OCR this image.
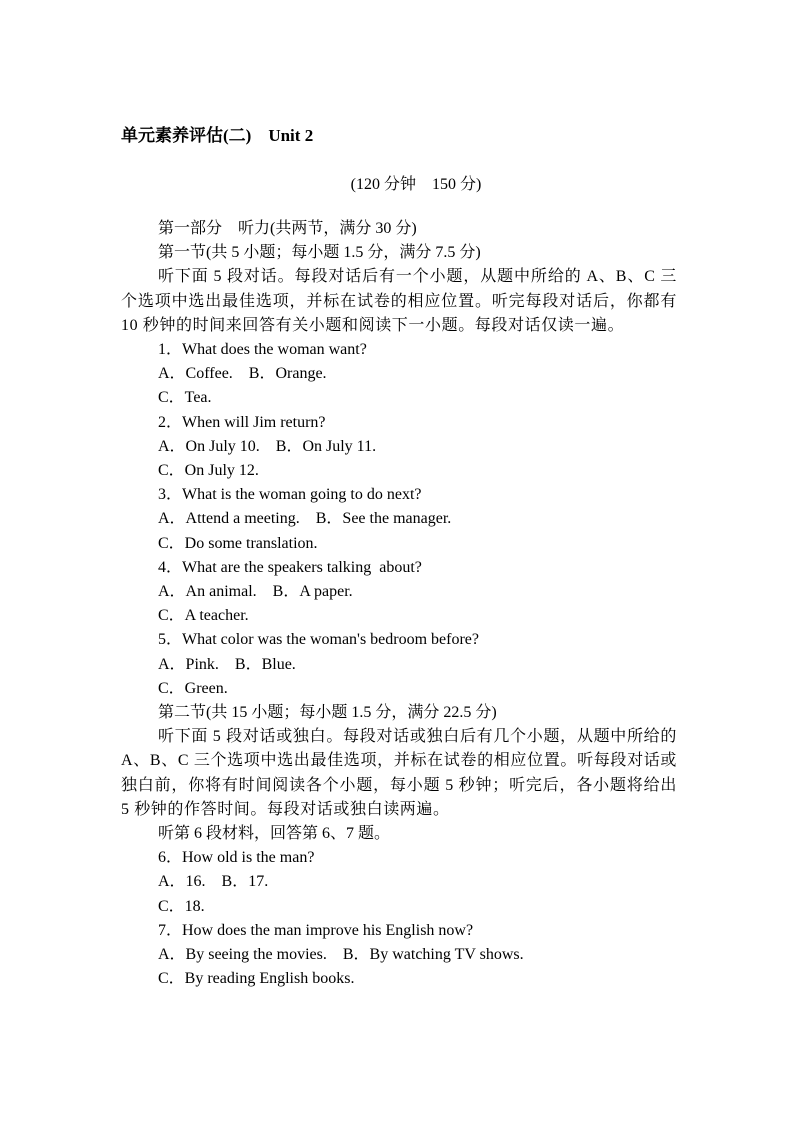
单元素养评估(二)　Unit 2
(120 分钟　150 分)
第一部分　听力(共两节，满分 30 分)
第一节(共 5 小题；每小题 1.5 分，满分 7.5 分)
听下面 5 段对话。每段对话后有一个小题，从题中所给的 A、B、C 三个选项中选出最佳选项，并标在试卷的相应位置。听完每段对话后，你都有 10 秒钟的时间来回答有关小题和阅读下一小题。每段对话仅读一遍。
1．What does the woman want?
A．Coffee.　B．Orange.
C．Tea.
2．When will Jim return?
A．On July 10.　B．On July 11.
C．On July 12.
3．What is the woman going to do next?
A．Attend a meeting.　B．See the manager.
C．Do some translation.
4．What are the speakers talking  about?
A．An animal.　B．A paper.
C．A teacher.
5．What color was the woman's bedroom before?
A．Pink.　B．Blue.
C．Green.
第二节(共 15 小题；每小题 1.5 分，满分 22.5 分)
听下面 5 段对话或独白。每段对话或独白后有几个小题，从题中所给的 A、B、C 三个选项中选出最佳选项，并标在试卷的相应位置。听每段对话或独白前，你将有时间阅读各个小题，每小题 5 秒钟；听完后，各小题将给出 5 秒钟的作答时间。每段对话或独白读两遍。
听第 6 段材料，回答第 6、7 题。
6．How old is the man?
A．16.　B．17.
C．18.
7．How does the man improve his English now?
A．By seeing the movies.　B．By watching TV shows.
C．By reading English books.
